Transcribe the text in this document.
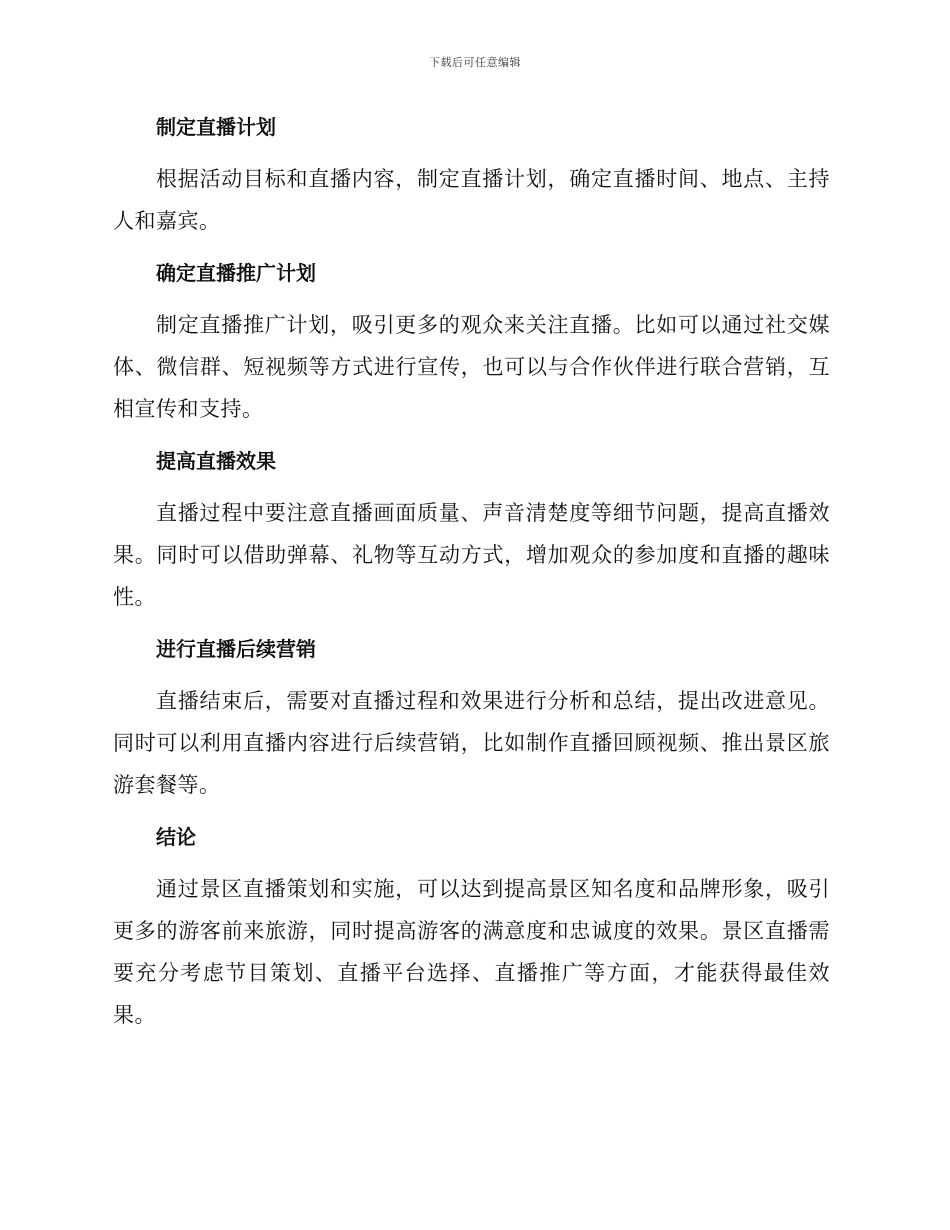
下载后可任意编辑
制定直播计划

根据活动目标和直播内容，制定直播计划，确定直播时间、地点、主持人和嘉宾。

确定直播推广计划

制定直播推广计划，吸引更多的观众来关注直播。比如可以通过社交媒体、微信群、短视频等方式进行宣传，也可以与合作伙伴进行联合营销，互相宣传和支持。

提高直播效果

直播过程中要注意直播画面质量、声音清楚度等细节问题，提高直播效果。同时可以借助弹幕、礼物等互动方式，增加观众的参加度和直播的趣味性。

进行直播后续营销

直播结束后，需要对直播过程和效果进行分析和总结，提出改进意见。同时可以利用直播内容进行后续营销，比如制作直播回顾视频、推出景区旅游套餐等。

结论

通过景区直播策划和实施，可以达到提高景区知名度和品牌形象，吸引更多的游客前来旅游，同时提高游客的满意度和忠诚度的效果。景区直播需要充分考虑节目策划、直播平台选择、直播推广等方面，才能获得最佳效果。
